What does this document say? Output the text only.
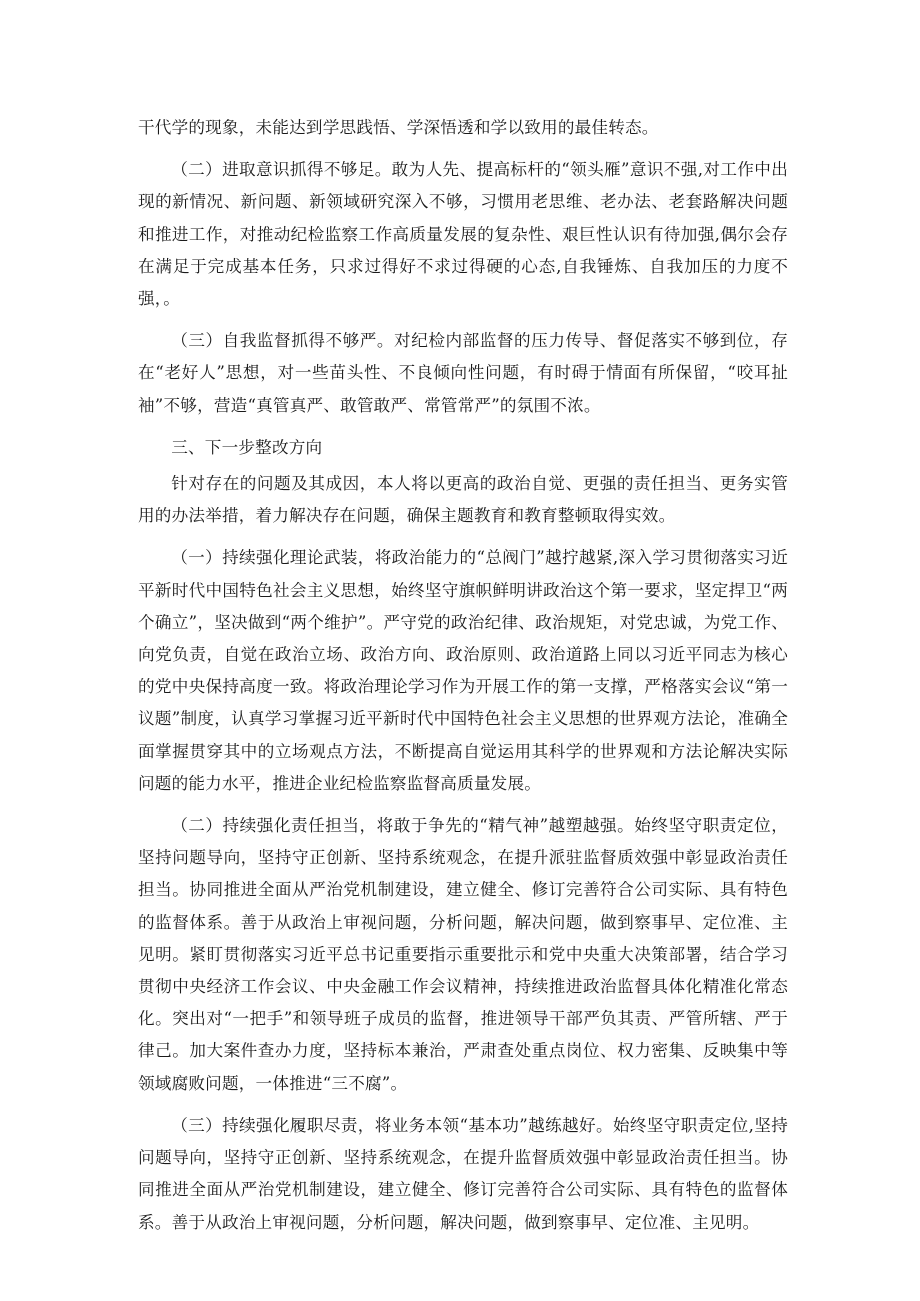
干代学的现象，未能达到学思践悟、学深悟透和学以致用的最佳转态。

（二）进取意识抓得不够足。敢为人先、提高标杆的“领头雁”意识不强,对工作中出现的新情况、新问题、新领域研究深入不够，习惯用老思维、老办法、老套路解决问题和推进工作，对推动纪检监察工作高质量发展的复杂性、艰巨性认识有待加强,偶尔会存在满足于完成基本任务，只求过得好不求过得硬的心态,自我锤炼、自我加压的力度不强，。

（三）自我监督抓得不够严。对纪检内部监督的压力传导、督促落实不够到位，存在“老好人”思想，对一些苗头性、不良倾向性问题，有时碍于情面有所保留，“咬耳扯袖”不够，营造“真管真严、敢管敢严、常管常严”的氛围不浓。

三、下一步整改方向

针对存在的问题及其成因，本人将以更高的政治自觉、更强的责任担当、更务实管用的办法举措，着力解决存在问题，确保主题教育和教育整顿取得实效。

（一）持续强化理论武装，将政治能力的“总阀门”越拧越紧,深入学习贯彻落实习近平新时代中国特色社会主义思想，始终坚守旗帜鲜明讲政治这个第一要求，坚定捍卫“两个确立”，坚决做到“两个维护”。严守党的政治纪律、政治规矩，对党忠诚，为党工作、向党负责，自觉在政治立场、政治方向、政治原则、政治道路上同以习近平同志为核心的党中央保持高度一致。将政治理论学习作为开展工作的第一支撑，严格落实会议“第一议题”制度，认真学习掌握习近平新时代中国特色社会主义思想的世界观方法论，准确全面掌握贯穿其中的立场观点方法，不断提高自觉运用其科学的世界观和方法论解决实际问题的能力水平，推进企业纪检监察监督高质量发展。

（二）持续强化责任担当，将敢于争先的“精气神”越塑越强。始终坚守职责定位，坚持问题导向，坚持守正创新、坚持系统观念，在提升派驻监督质效强中彰显政治责任担当。协同推进全面从严治党机制建设，建立健全、修订完善符合公司实际、具有特色的监督体系。善于从政治上审视问题，分析问题，解决问题，做到察事早、定位准、主见明。紧盯贯彻落实习近平总书记重要指示重要批示和党中央重大决策部署，结合学习贯彻中央经济工作会议、中央金融工作会议精神，持续推进政治监督具体化精准化常态化。突出对“一把手”和领导班子成员的监督，推进领导干部严负其责、严管所辖、严于律己。加大案件查办力度，坚持标本兼治，严肃查处重点岗位、权力密集、反映集中等领域腐败问题，一体推进“三不腐”。

（三）持续强化履职尽责，将业务本领“基本功”越练越好。始终坚守职责定位,坚持问题导向，坚持守正创新、坚持系统观念，在提升监督质效强中彰显政治责任担当。协同推进全面从严治党机制建设，建立健全、修订完善符合公司实际、具有特色的监督体系。善于从政治上审视问题，分析问题，解决问题，做到察事早、定位准、主见明。
